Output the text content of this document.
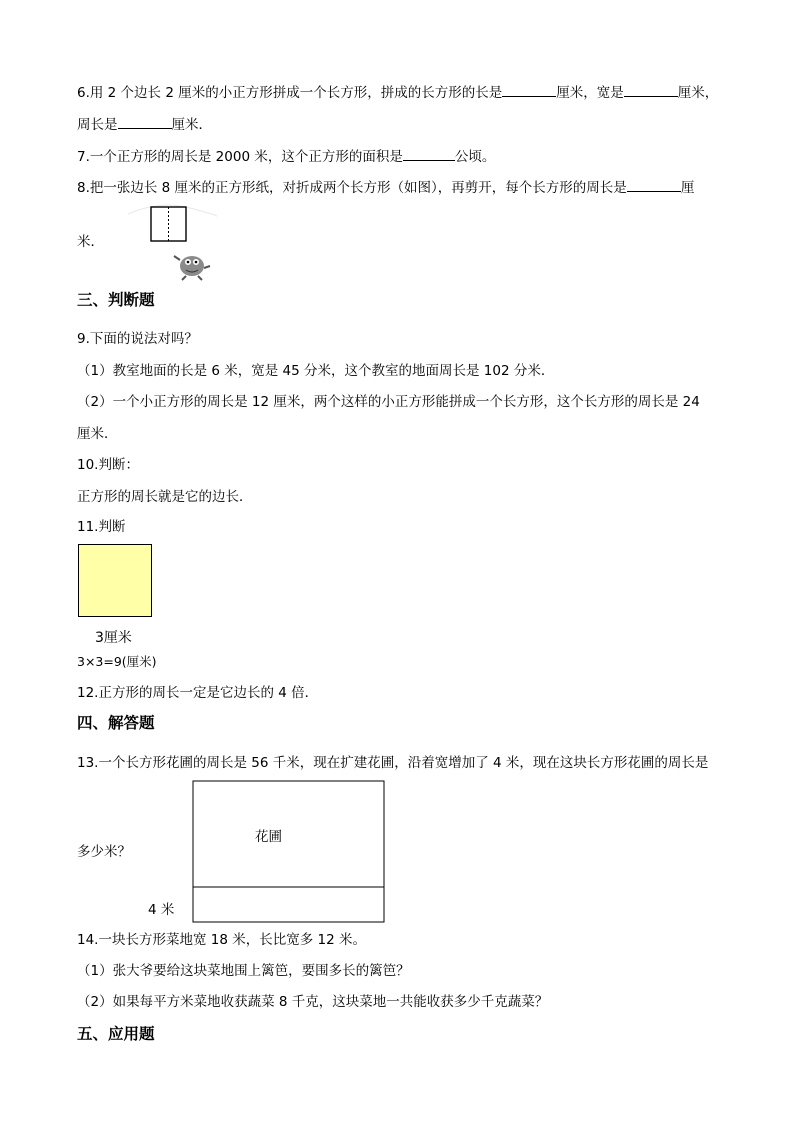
6.用 2 个边长 2 厘米的小正方形拼成一个长方形，拼成的长方形的长是	厘米，宽是	厘米，
周长是	厘米．
7.一个正方形的周长是 2000 米，这个正方形的面积是	公顷。
8.把一张边长 8 厘米的正方形纸，对折成两个长方形（如图），再剪开，每个长方形的周长是	厘
米．
三、判断题
9.下面的说法对吗？
（1）教室地面的长是 6 米，宽是 45 分米，这个教室的地面周长是 102 分米．
（2）一个小正方形的周长是 12 厘米，两个这样的小正方形能拼成一个长方形，这个长方形的周长是 24
厘米．
10.判断：
正方形的周长就是它的边长．
11.判断
3厘米
3×3=9(厘米)
12.正方形的周长一定是它边长的 4 倍．
四、解答题
13.一个长方形花圃的周长是 56 千米，现在扩建花圃，沿着宽增加了 4 米，现在这块长方形花圃的周长是
多少米？
花圃
4 米
14.一块长方形菜地宽 18 米，长比宽多 12 米。
（1）张大爷要给这块菜地围上篱笆，要围多长的篱笆？
（2）如果每平方米菜地收获蔬菜 8 千克，这块菜地一共能收获多少千克蔬菜？
五、应用题
